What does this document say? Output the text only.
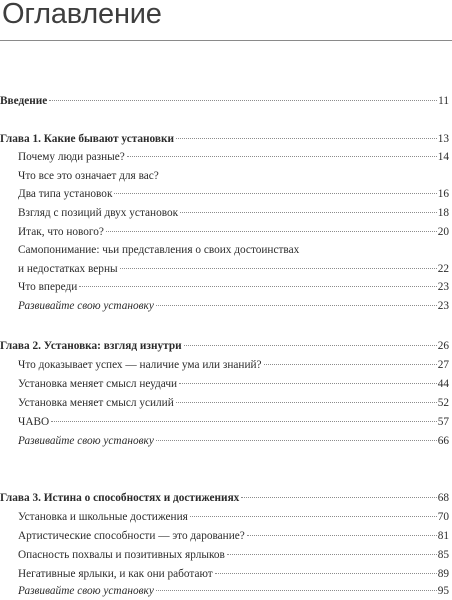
Оглавление
Введение	11
Глава 1. Какие бывают установки	13
Почему люди разные?	14
Что все это означает для вас?
Два типа установок	16
Взгляд с позиций двух установок	18
Итак, что нового?	20
Самопонимание: чьи представления о своих достоинствах
и недостатках верны	22
Что впереди	23
Развивайте свою установку	23
Глава 2. Установка: взгляд изнутри	26
Что доказывает успех — наличие ума или знаний?	27
Установка меняет смысл неудачи	44
Установка меняет смысл усилий	52
ЧАВО	57
Развивайте свою установку	66
Глава 3. Истина о способностях и достижениях	68
Установка и школьные достижения	70
Артистические способности — это дарование?	81
Опасность похвалы и позитивных ярлыков	85
Негативные ярлыки, и как они работают	89
Развивайте свою установку	95
